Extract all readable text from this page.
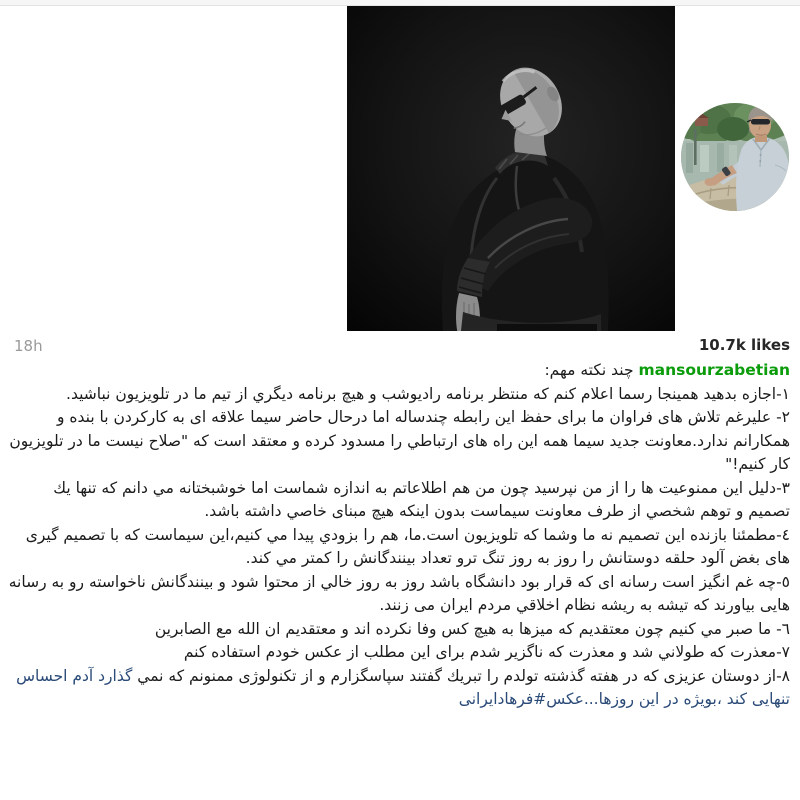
18h	10.7k likes

mansourzabetian چند نکته مهم:

١-اجازه بدهید همینجا رسما اعلام کنم که منتظر برنامه رادیوشب و هیچ برنامه دیگري از تیم ما در تلویزیون نباشید.

٢- علیرغم تلاش های فراوان ما برای حفظ این رابطه چندساله اما درحال حاضر سیما علاقه ای به کارکردن با بنده و همکارانم ندارد.معاونت جدید سیما همه این راه های ارتباطي را مسدود کرده و معتقد است که "صلاح نیست ما در تلویزیون کار کنیم!"

٣-دلیل این ممنوعیت ها را از من نپرسید چون من هم اطلاعاتم به اندازه شماست اما خوشبختانه مي دانم که تنها یك تصمیم و توهم شخصي از طرف معاونت سیماست بدون اینکه هیچ مبنای خاصي داشته باشد.

٤-مطمئنا بازنده این تصمیم نه ما وشما که تلویزیون است.ما، هم را بزودي پیدا مي کنیم،این سیماست که با تصمیم گیری های بغض آلود حلقه دوستانش را روز به روز تنگ ترو تعداد بینندگانش را کمتر مي کند.

٥-چه غم انگیز است رسانه ای که قرار بود دانشگاه باشد روز به روز خالي از محتوا شود و بینندگانش ناخواسته رو به رسانه هایی بیاورند که تیشه به ریشه نظام اخلاقي مردم ایران می زنند.

٦- ما صبر مي کنیم چون معتقدیم که میزها به هیچ کس وفا نکرده اند و معتقدیم ان الله مع الصابرین

٧-معذرت که طولاني شد و معذرت که ناگزیر شدم برای این مطلب از عکس خودم استفاده کنم

٨-از دوستان عزیزی که در هفته گذشته تولدم را تبریك گفتند سپاسگزارم و از تکنولوژی ممنونم که نمي گذارد آدم احساس تنهایی کند ،بویژه در این روزها...عکس#فرهادایرانی
